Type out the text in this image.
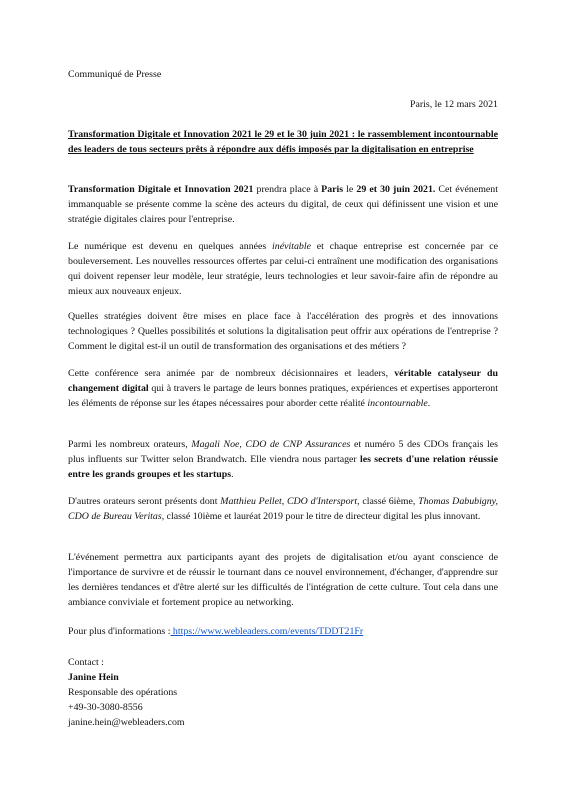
Communiqué de Presse

Paris, le 12 mars 2021

Transformation Digitale et Innovation 2021 le 29 et le 30 juin 2021 : le rassemblement incontournable des leaders de tous secteurs prêts à répondre aux défis imposés par la digitalisation en entreprise

Transformation Digitale et Innovation 2021 prendra place à Paris le 29 et 30 juin 2021. Cet événement immanquable se présente comme la scène des acteurs du digital, de ceux qui définissent une vision et une stratégie digitales claires pour l'entreprise.

Le numérique est devenu en quelques années inévitable et chaque entreprise est concernée par ce bouleversement. Les nouvelles ressources offertes par celui-ci entraînent une modification des organisations qui doivent repenser leur modèle, leur stratégie, leurs technologies et leur savoir-faire afin de répondre au mieux aux nouveaux enjeux.

Quelles stratégies doivent être mises en place face à l'accélération des progrès et des innovations technologiques ? Quelles possibilités et solutions la digitalisation peut offrir aux opérations de l'entreprise ? Comment le digital est-il un outil de transformation des organisations et des métiers ?

Cette conférence sera animée par de nombreux décisionnaires et leaders, véritable catalyseur du changement digital qui à travers le partage de leurs bonnes pratiques, expériences et expertises apporteront les éléments de réponse sur les étapes nécessaires pour aborder cette réalité incontournable.

Parmi les nombreux orateurs, Magali Noe, CDO de CNP Assurances et numéro 5 des CDOs français les plus influents sur Twitter selon Brandwatch. Elle viendra nous partager les secrets d'une relation réussie entre les grands groupes et les startups.

D'autres orateurs seront présents dont Matthieu Pellet, CDO d'Intersport, classé 6ième, Thomas Dabubigny, CDO de Bureau Veritas, classé 10ième et lauréat 2019 pour le titre de directeur digital les plus innovant.

L'événement permettra aux participants ayant des projets de digitalisation et/ou ayant conscience de l'importance de survivre et de réussir le tournant dans ce nouvel environnement, d'échanger, d'apprendre sur les dernières tendances et d'être alerté sur les difficultés de l'intégration de cette culture. Tout cela dans une ambiance conviviale et fortement propice au networking.

Pour plus d'informations : https://www.webleaders.com/events/TDDT21Fr

Contact :
Janine Hein
Responsable des opérations
+49-30-3080-8556
janine.hein@webleaders.com
